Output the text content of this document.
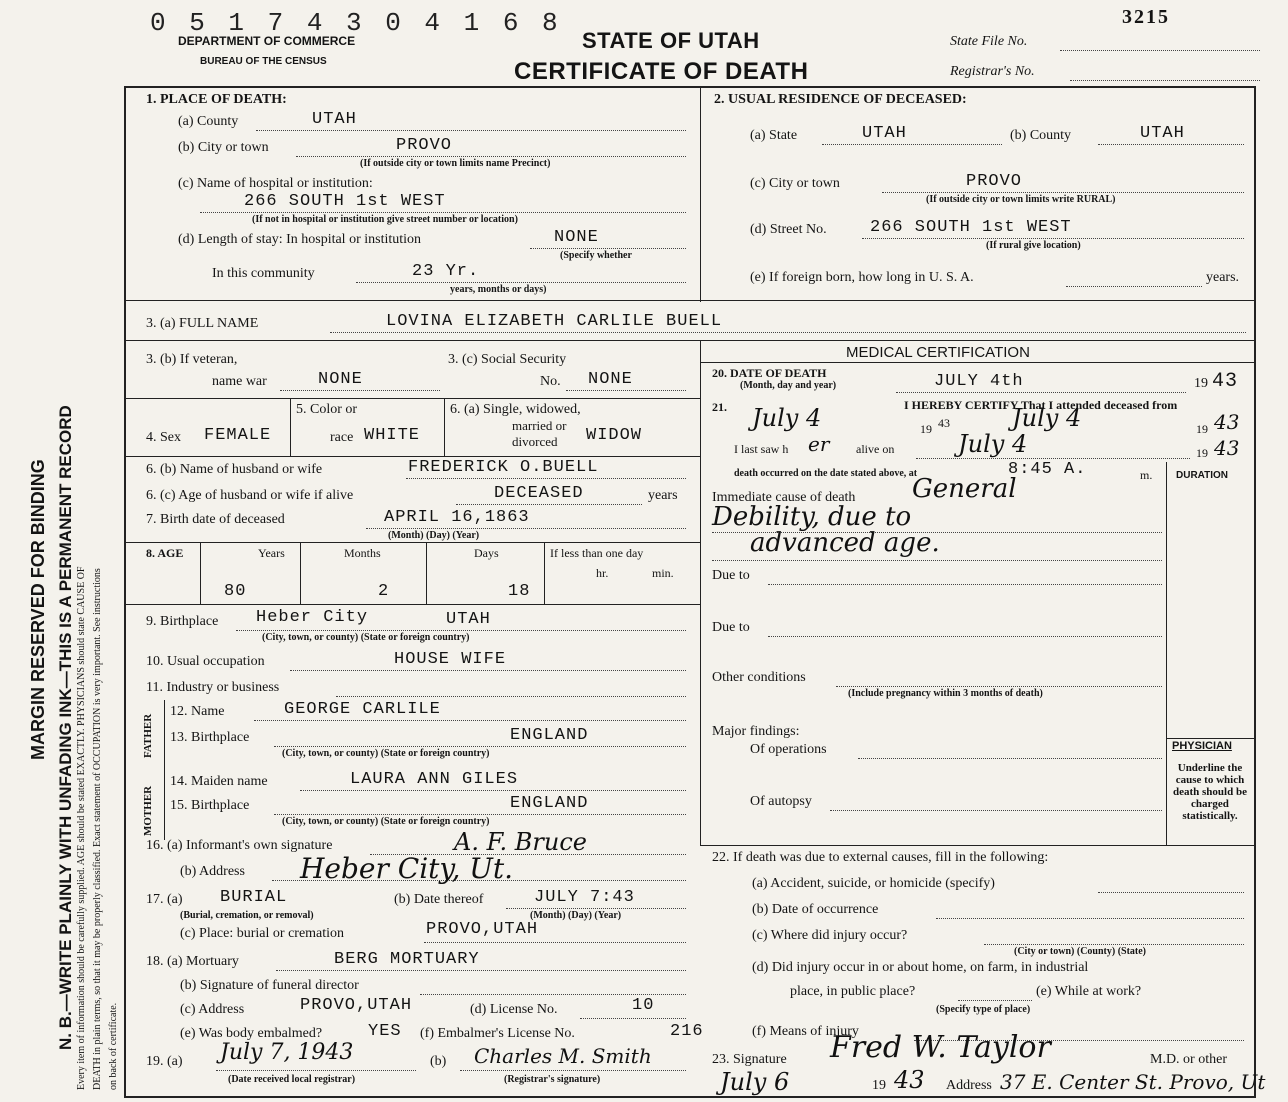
0 5 1 7 4 3 0 4 1 6 8
DEPARTMENT OF COMMERCE
BUREAU OF THE CENSUS
STATE OF UTAH
CERTIFICATE OF DEATH
State File No.
Registrar's No.
3215
MARGIN RESERVED FOR BINDING N. B.—WRITE PLAINLY WITH UNFADING INK—THIS IS A PERMANENT RECORD Every item of information should be carefully supplied. AGE should be stated EXACTLY. PHYSICIANS should state CAUSE OF DEATH in plain terms, so that it may be properly classified. Exact statement of OCCUPATION is very important. See instructions on back of certificate.
1. PLACE OF DEATH:
(a) County	UTAH
(b) City or town	PROVO
(If outside city or town limits name Precinct)
(c) Name of hospital or institution:
266 SOUTH 1st WEST
(If not in hospital or institution give street number or location)
(d) Length of stay: In hospital or institution	NONE
(Specify whether
In this community	23 Yr.
years, months or days)
2. USUAL RESIDENCE OF DECEASED:
(a) State	UTAH	(b) County	UTAH
(c) City or town	PROVO
(If outside city or town limits write RURAL)
(d) Street No.	266 SOUTH 1st WEST
(If rural give location)
(e) If foreign born, how long in U. S. A.	years.
3. (a) FULL NAME	LOVINA ELIZABETH CARLILE BUELL
3. (b) If veteran,
name war	NONE
3. (c) Social Security
No. NONE
4. Sex FEMALE
5. Color or
race WHITE
6. (a) Single, widowed,
married or
divorced WIDOW
6. (b) Name of husband or wife	FREDERICK O.BUELL
6. (c) Age of husband or wife if alive	DECEASED	years
7. Birth date of deceased	APRIL 16,1863
(Month) (Day) (Year)
8. AGE	Years	Months	Days	If less than one day
hr.	min.
80	2	18
9. Birthplace Heber City	UTAH
(City, town, or county) (State or foreign country)
10. Usual occupation	HOUSE WIFE
11. Industry or business
FATHER
MOTHER
12. Name	GEORGE CARLILE
13. Birthplace	ENGLAND
(City, town, or county) (State or foreign country)
14. Maiden name	LAURA ANN GILES
15. Birthplace	ENGLAND
(City, town, or county) (State or foreign country)
16. (a) Informant's own signature	A. F. Bruce
(b) Address Heber City, Ut.
17. (a) BURIAL
(Burial, cremation, or removal)
(b) Date thereof	JULY 7:43
(Month) (Day) (Year)
(c) Place: burial or cremation	PROVO,UTAH
18. (a) Mortuary	BERG MORTUARY
(b) Signature of funeral director
(c) Address	PROVO,UTAH	(d) License No.	10
(e) Was body embalmed?	YES (f) Embalmer's License No.	216
19. (a) July 7, 1943
(Date received local registrar)
(b) Charles M. Smith
(Registrar's signature)
MEDICAL CERTIFICATION
20. DATE OF DEATH
(Month, day and year)	JULY 4th	19 43
21.	I HEREBY CERTIFY That I attended deceased from
July 4	19 43	July 4	19 43
I last saw h er alive on	July 4	19 43
death occurred on the date stated above, at	8:45 A.	m. DURATION
Immediate cause of death General
Debility, due to
advanced age.
Due to
Due to
Other conditions
(Include pregnancy within 3 months of death)
Major findings:
Of operations
Of autopsy
PHYSICIAN
Underline the cause to which death should be charged statistically.
22. If death was due to external causes, fill in the following:
(a) Accident, suicide, or homicide (specify)
(b) Date of occurrence
(c) Where did injury occur?
(City or town) (County) (State)
(d) Did injury occur in or about home, on farm, in industrial
place, in public place?	(e) While at work?
(Specify type of place)
(f) Means of injury
23. Signature Fred W. Taylor	M.D. or other
July 6	19 43 Address 37 E. Center St. Provo, Ut
